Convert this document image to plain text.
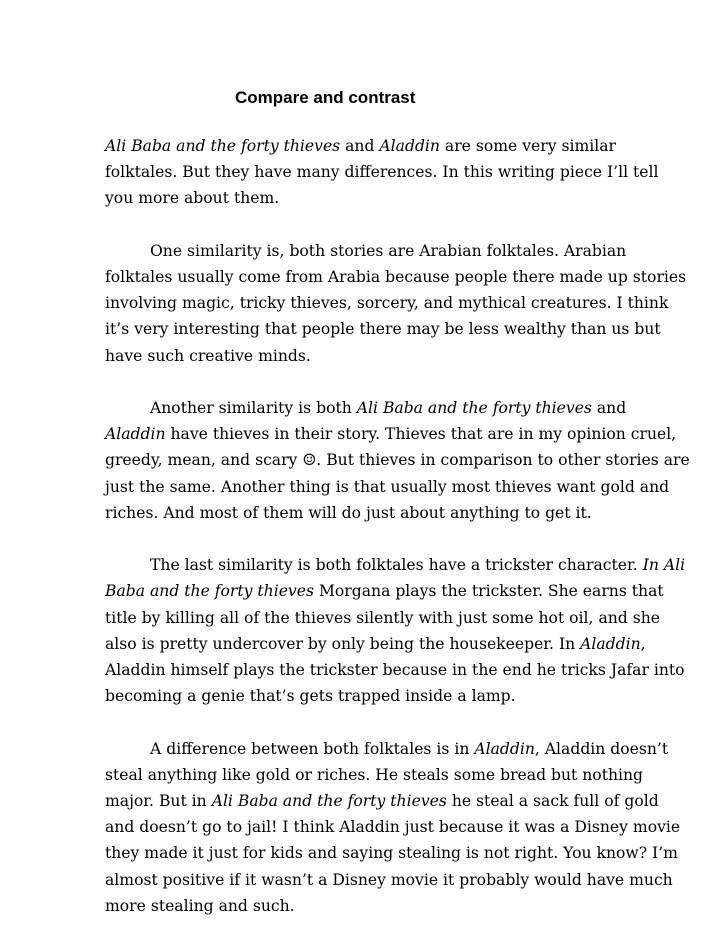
Compare and contrast
Ali Baba and the forty thieves and Aladdin are some very similar
folktales. But they have many differences. In this writing piece I’ll tell
you more about them.
One similarity is, both stories are Arabian folktales. Arabian
folktales usually come from Arabia because people there made up stories
involving magic, tricky thieves, sorcery, and mythical creatures. I think
it’s very interesting that people there may be less wealthy than us but
have such creative minds.
Another similarity is both Ali Baba and the forty thieves and
Aladdin have thieves in their story. Thieves that are in my opinion cruel,
greedy, mean, and scary ☺. But thieves in comparison to other stories are
just the same. Another thing is that usually most thieves want gold and
riches. And most of them will do just about anything to get it.
The last similarity is both folktales have a trickster character. In Ali
Baba and the forty thieves Morgana plays the trickster. She earns that
title by killing all of the thieves silently with just some hot oil, and she
also is pretty undercover by only being the housekeeper. In Aladdin,
Aladdin himself plays the trickster because in the end he tricks Jafar into
becoming a genie that’s gets trapped inside a lamp.
A difference between both folktales is in Aladdin, Aladdin doesn’t
steal anything like gold or riches. He steals some bread but nothing
major. But in Ali Baba and the forty thieves he steal a sack full of gold
and doesn’t go to jail! I think Aladdin just because it was a Disney movie
they made it just for kids and saying stealing is not right. You know? I’m
almost positive if it wasn’t a Disney movie it probably would have much
more stealing and such.
